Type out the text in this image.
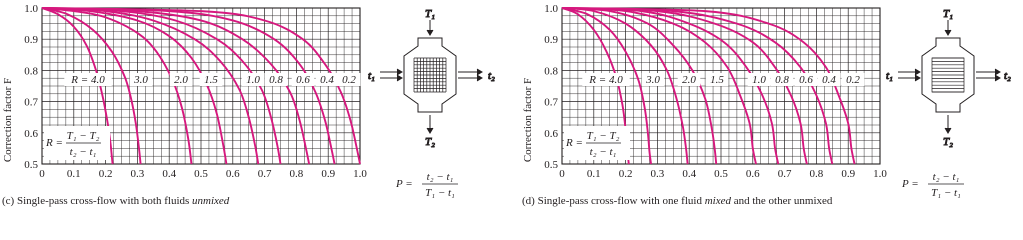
Correction factor F
0 0.1 0.2 0.3 0.4 0.5 0.6 0.7 0.8 0.9 1.0
0.5
0.6
0.7
0.8
0.9
1.0
R = 4.0	3.0 2.0 1.5	1.0 0.8 0.6 0.4 0.2
R =
T₁ − T₂
t₂ − t₁
T₁
T₂
t₁	t₂
P =
t₂ − t₁
T₁ − t₁
(c) Single-pass cross-flow with both fluids unmixed
Correction factor F
0 0.1 0.2 0.3 0.4 0.5 0.6 0.7 0.8 0.9 1.0
0.5
0.6
0.7
0.8
0.9
1.0
R = 4.0 3.0 2.0 1.5	1.0 0.8 0.6 0.4 0.2
R =
T₁ − T₂
t₂ − t₁
T₁
T₂
t₁	t₂
P =
t₂ − t₁
T₁ − t₁
(d) Single-pass cross-flow with one fluid mixed and the other unmixed
